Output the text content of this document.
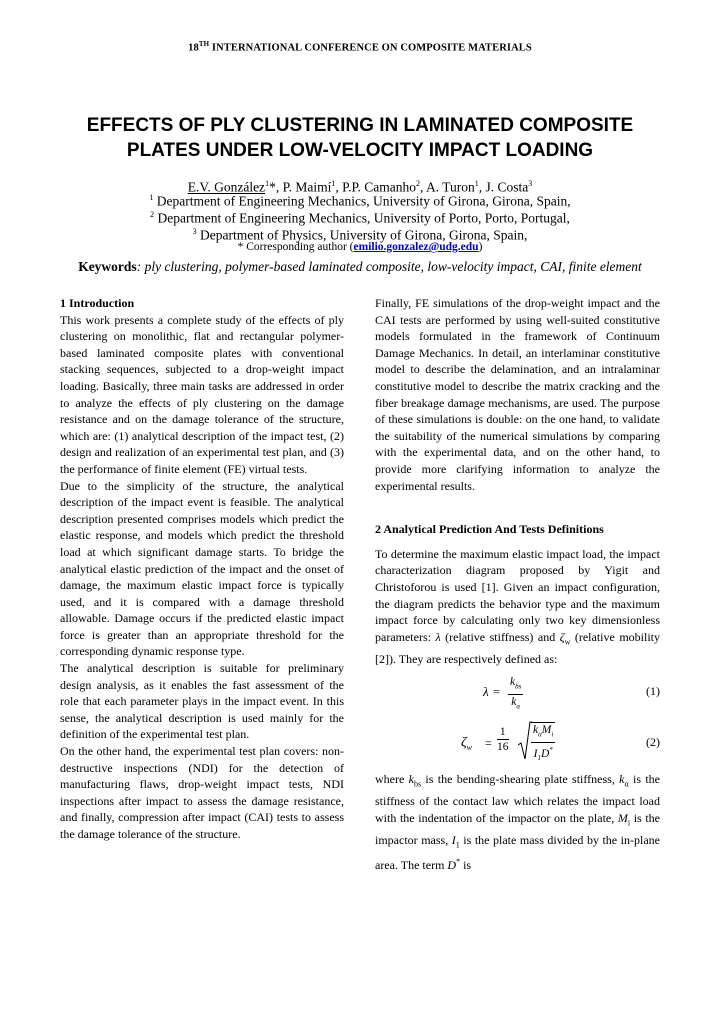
18TH INTERNATIONAL CONFERENCE ON COMPOSITE MATERIALS
EFFECTS OF PLY CLUSTERING IN LAMINATED COMPOSITE
PLATES UNDER LOW-VELOCITY IMPACT LOADING
E.V. González$^1$*, P. Maimí$^1$, P.P. Camanho$^2$, A. Turon$^1$, J. Costa$^3$
$^1$ Department of Engineering Mechanics, University of Girona, Girona, Spain,
$^2$ Department of Engineering Mechanics, University of Porto, Porto, Portugal,
$^3$ Department of Physics, University of Girona, Girona, Spain,
* Corresponding author (emilio.gonzalez@udg.edu)
Keywords: ply clustering, polymer-based laminated composite, low-velocity impact, CAI, finite element

1 Introduction

This work presents a complete study of the effects of ply clustering on monolithic, flat and rectangular polymer-based laminated composite plates with conventional stacking sequences, subjected to a drop-weight impact loading. Basically, three main tasks are addressed in order to analyze the effects of ply clustering on the damage resistance and on the damage tolerance of the structure, which are: (1) analytical description of the impact test, (2) design and realization of an experimental test plan, and (3) the performance of finite element (FE) virtual tests.

Due to the simplicity of the structure, the analytical description of the impact event is feasible. The analytical description presented comprises models which predict the elastic response, and models which predict the threshold load at which significant damage starts. To bridge the analytical elastic prediction of the impact and the onset of damage, the maximum elastic impact force is typically used, and it is compared with a damage threshold allowable. Damage occurs if the predicted elastic impact force is greater than an appropriate threshold for the corresponding dynamic response type.

The analytical description is suitable for preliminary design analysis, as it enables the fast assessment of the role that each parameter plays in the impact event. In this sense, the analytical description is used mainly for the definition of the experimental test plan.

On the other hand, the experimental test plan covers: non-destructive inspections (NDI) for the detection of manufacturing flaws, drop-weight impact tests, NDI inspections after impact to assess the damage resistance, and finally, compression after impact (CAI) tests to assess the damage tolerance of the structure.

Finally, FE simulations of the drop-weight impact and the CAI tests are performed by using well-suited constitutive models formulated in the framework of Continuum Damage Mechanics. In detail, an interlaminar constitutive model to describe the delamination, and an intralaminar constitutive model to describe the matrix cracking and the fiber breakage damage mechanisms, are used. The purpose of these simulations is double: on the one hand, to validate the suitability of the numerical simulations by comparing with the experimental data, and on the other hand, to provide more clarifying information to analyze the experimental results.

2 Analytical Prediction And Tests Definitions

To determine the maximum elastic impact load, the impact characterization diagram proposed by Yigit and Christoforou is used [1]. Given an impact configuration, the diagram predicts the behavior type and the maximum impact force by calculating only two key dimensionless parameters: λ (relative stiffness) and $\zeta_w$ (relative mobility [2]). They are respectively defined as:

λ =
$k_{bs}$
$k_\alpha$
(1)
$\zeta_w = \frac{1}{16} k_\alpha M_i$
$I_1D^*$
(2)

where $k_{bs}$ is the bending-shearing plate stiffness, $k_\alpha$ is the stiffness of the contact law which relates the impact load with the indentation of the impactor on the plate, $M_i$ is the impactor mass, $I_1$ is the plate mass divided by the in-plane area. The term D* is
